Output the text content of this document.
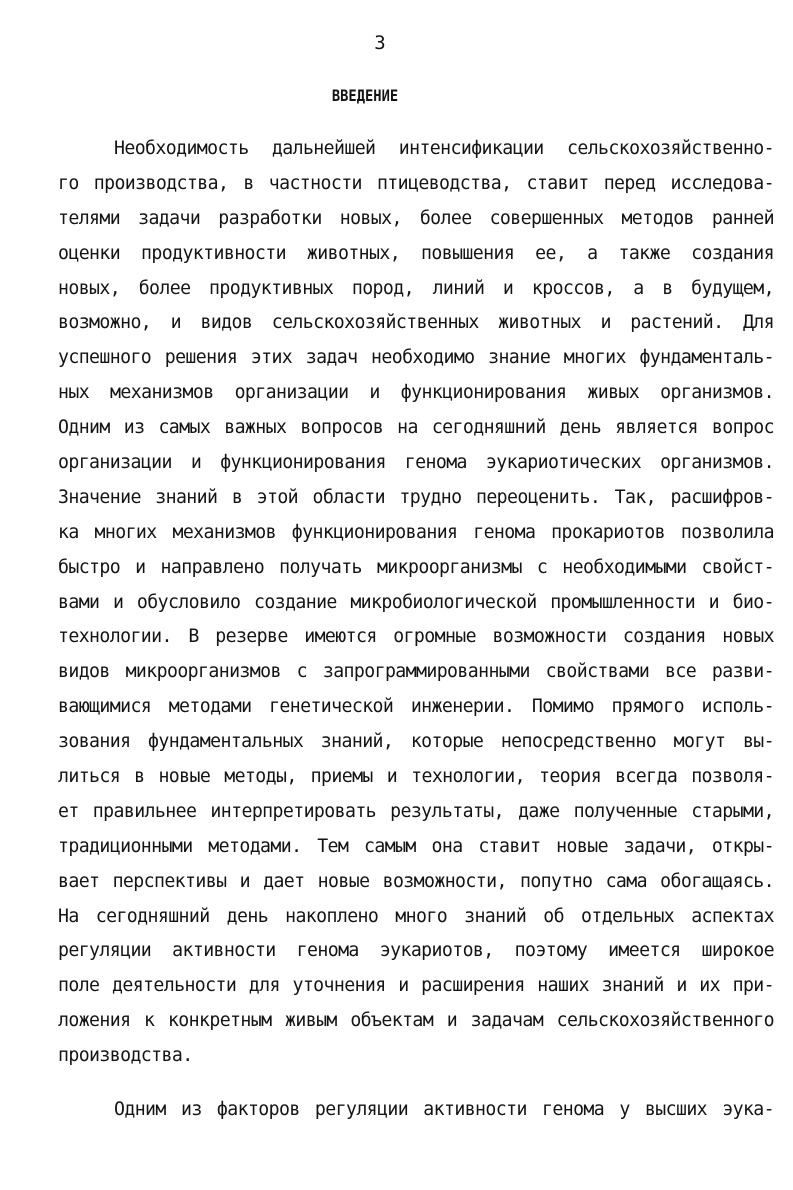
3
ВВЕДЕНИЕ
Необходимость дальнейшей интенсификации сельскохозяйственно-
го производства, в частности птицеводства, ставит перед исследова-
телями задачи разработки новых, более совершенных методов ранней
оценки продуктивности животных, повышения ее, а также создания
новых, более продуктивных пород, линий и кроссов, а в будущем,
возможно, и видов сельскохозяйственных животных и растений. Для
успешного решения этих задач необходимо знание многих фундаменталь-
ных механизмов организации и функционирования живых организмов.
Одним из самых важных вопросов на сегодняшний день является вопрос
организации и функционирования генома эукариотических организмов.
Значение знаний в этой области трудно переоценить. Так, расшифров-
ка многих механизмов функционирования генома прокариотов позволила
быстро и направлено получать микроорганизмы с необходимыми свойст-
вами и обусловило создание микробиологической промышленности и био-
технологии. В резерве имеются огромные возможности создания новых
видов микроорганизмов с запрограммированными свойствами все разви-
вающимися методами генетической инженерии. Помимо прямого исполь-
зования фундаментальных знаний, которые непосредственно могут вы-
литься в новые методы, приемы и технологии, теория всегда позволя-
ет правильнее интерпретировать результаты, даже полученные старыми,
традиционными методами. Тем самым она ставит новые задачи, откры-
вает перспективы и дает новые возможности, попутно сама обогащаясь.
На сегодняшний день накоплено много знаний об отдельных аспектах
регуляции активности генома эукариотов, поэтому имеется широкое
поле деятельности для уточнения и расширения наших знаний и их при-
ложения к конкретным живым объектам и задачам сельскохозяйственного
производства.
Одним из факторов регуляции активности генома у высших эука-
